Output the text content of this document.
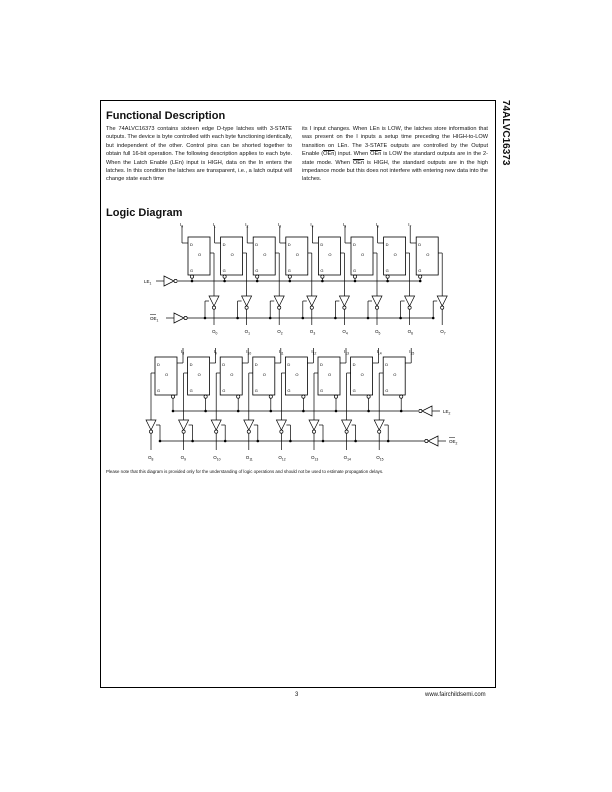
74ALVC16373
Functional Description

The 74ALVC16373 contains sixteen edge D-type latches with 3-STATE outputs. The device is byte controlled with each byte functioning identically, but independent of the other. Control pins can be shorted together to obtain full 16-bit operation. The following description applies to each byte. When the Latch Enable (LEn) input is HIGH, data on the In enters the latches. In this condition the latches are transparent, i.e., a latch output will change state each time

its I input changes. When LEn is LOW, the latches store information that was present on the I inputs a setup time preceding the HIGH-to-LOW transition on LEn. The 3-STATE outputs are controlled by the Output Enable $(\overline{OEn})$ input. When $\overline{OEn}$ is LOW the standard outputs are in the 2-state mode. When $\overline{OEn}$ is HIGH, the standard outputs are in the high impedance mode but this does not interfere with entering new data into the latches.

Logic Diagram
D
O
G
$I_0$
$O_0$
D
O
G
$I_1$
$O_1$
D
O
G
$I_2$
$O_2$
D
O
G
$I_3$
$O_3$
D
O
G
$I_4$
$O_4$
D
O
G
$I_5$
$O_5$
D
O
G
$I_6$
$O_6$
D
O
G
$I_7$
$O_7$
$LE_1$
$OE_1$
D
O
G
$I_8$
$O_8$
D
O
G
$I_9$
$O_9$
D
O
G
$I_{10}$
$O_{10}$
D
O
G
$I_{11}$
$O_{11}$
D
O
G
$I_{12}$
$O_{12}$
D
O
G
$I_{13}$
$O_{13}$
D
O
G
$I_{14}$
$O_{14}$
D
O
G
$I_{15}$
$O_{15}$
$LE_2$
$OE_2$
Please note that this diagram is provided only for the understanding of logic operations and should not be used to estimate propagation delays.
3	www.fairchildsemi.com
